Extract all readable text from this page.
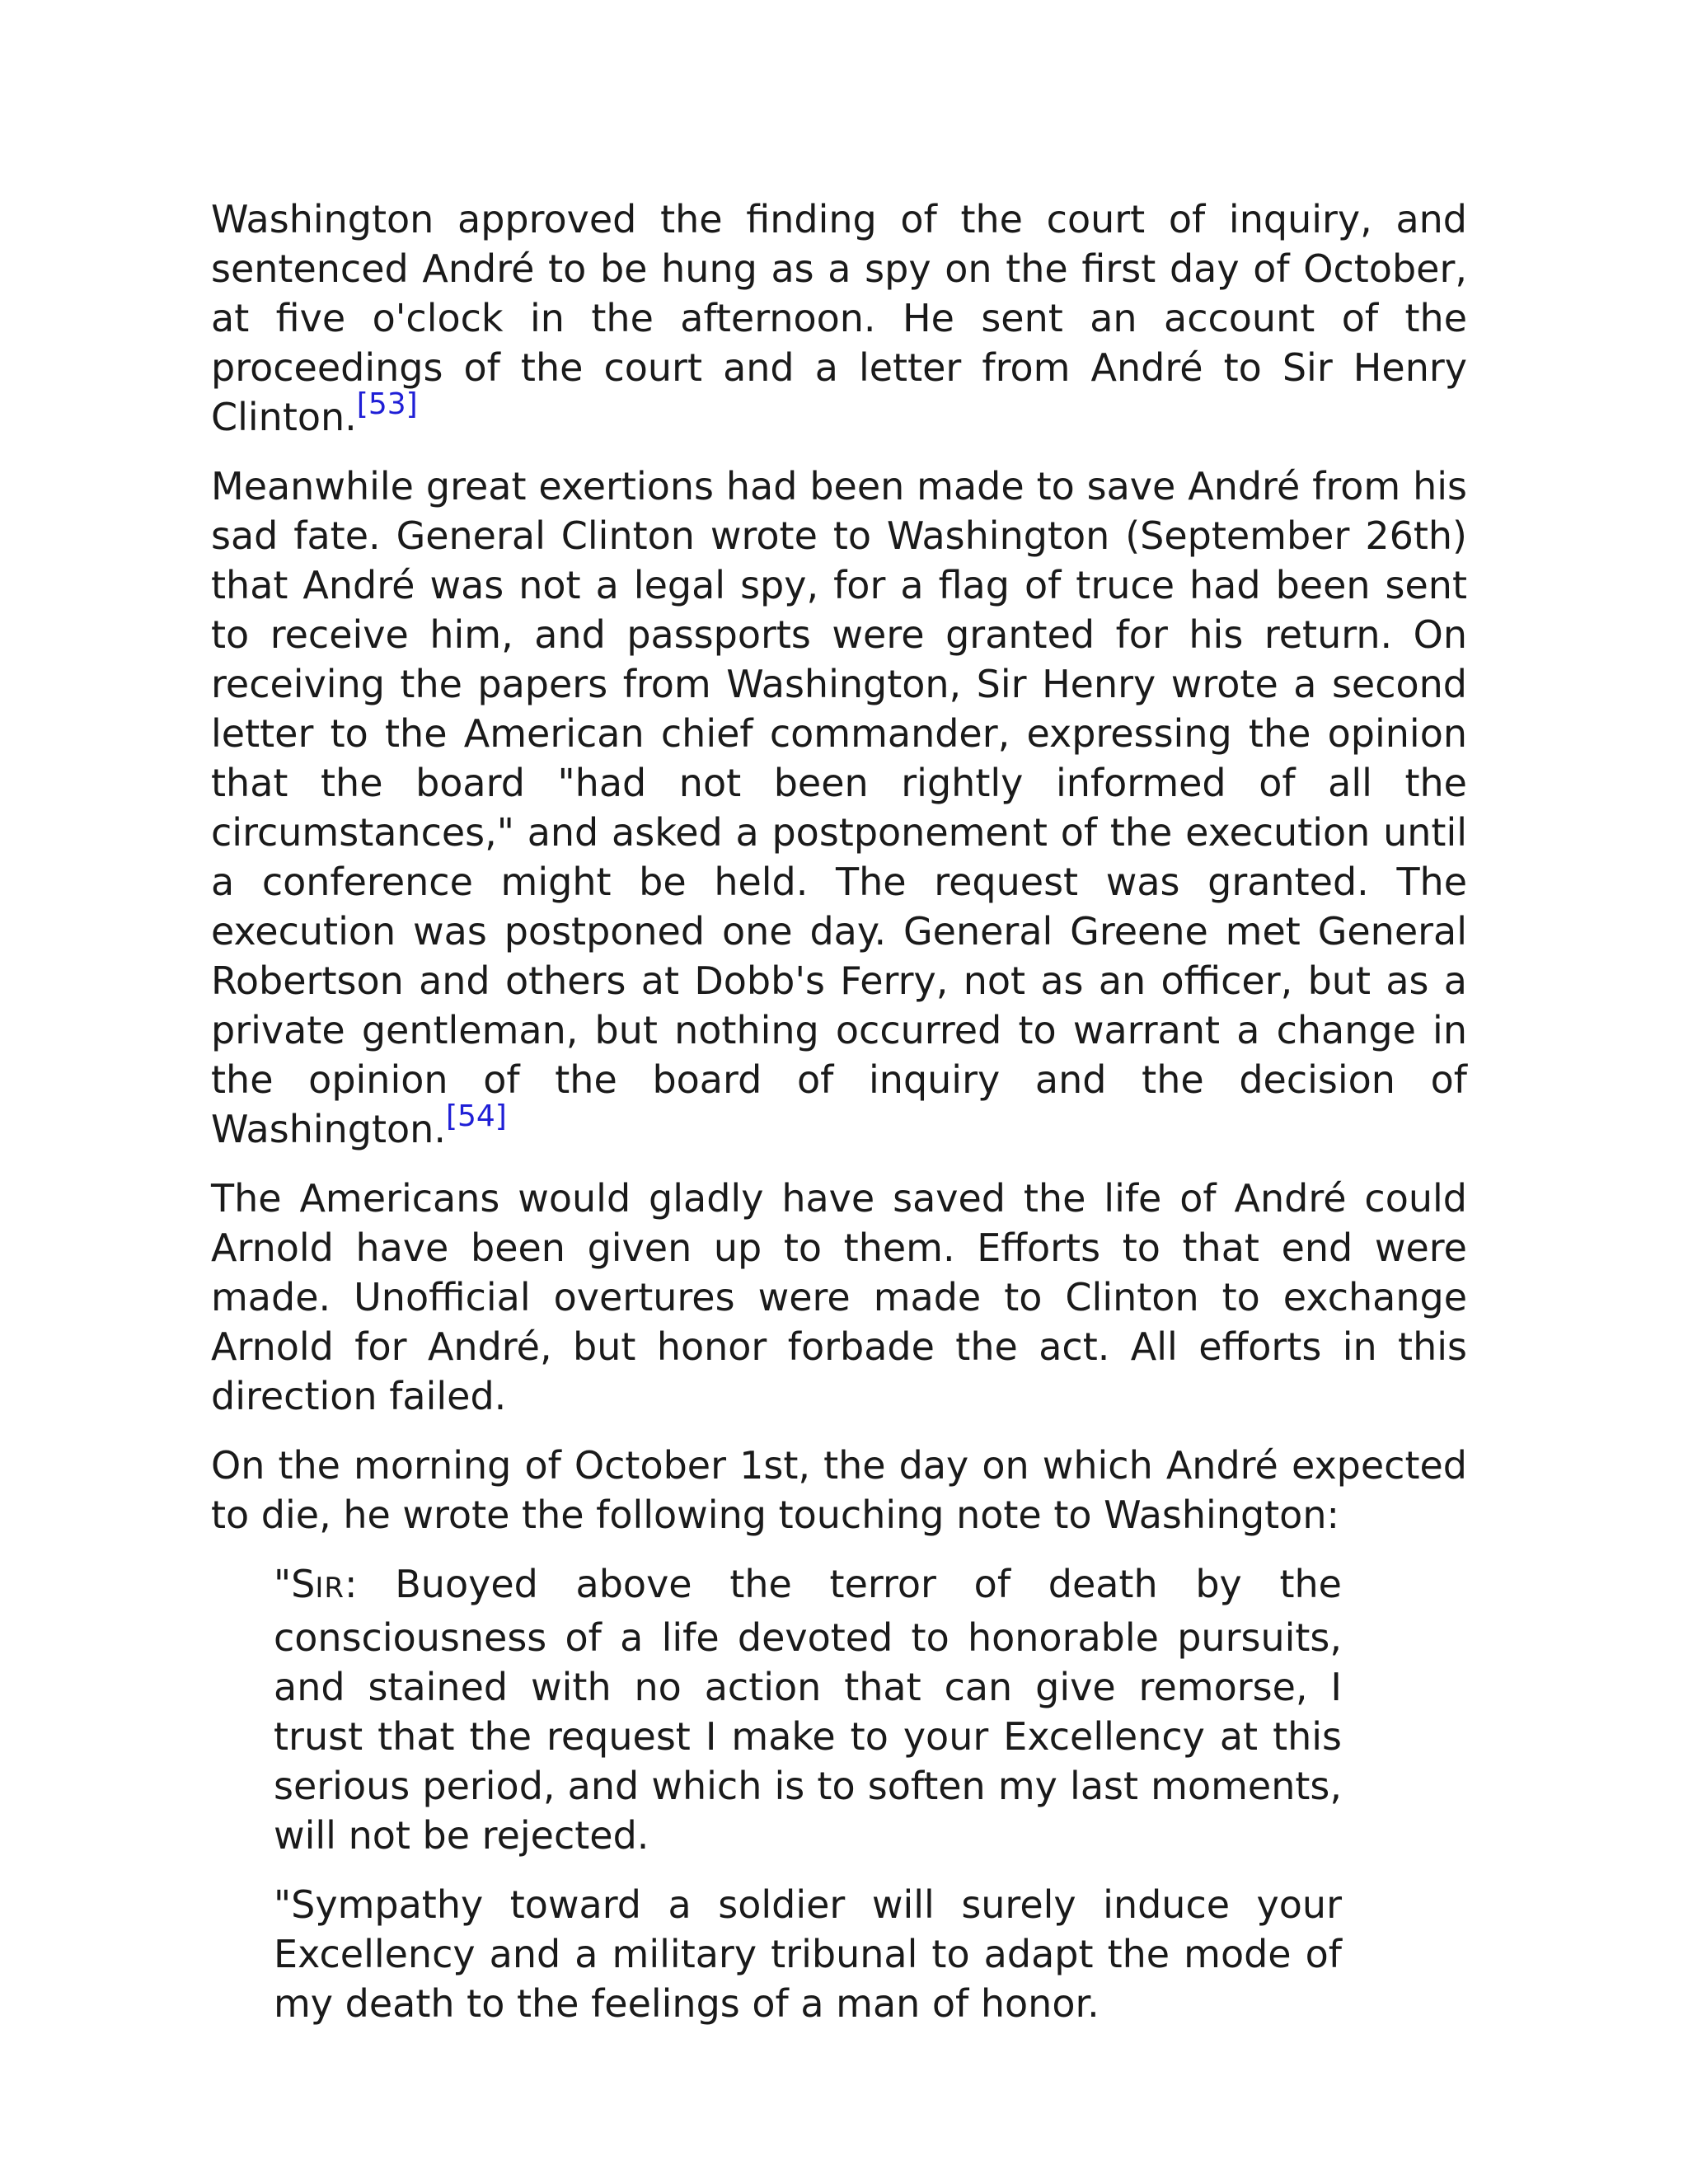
Washington approved the finding of the court of inquiry, and sentenced André to be hung as a spy on the first day of October, at five o'clock in the afternoon. He sent an account of the proceedings of the court and a letter from André to Sir Henry Clinton.[53]

Meanwhile great exertions had been made to save André from his sad fate. General Clinton wrote to Washington (September 26th) that André was not a legal spy, for a flag of truce had been sent to receive him, and passports were granted for his return. On receiving the papers from Washington, Sir Henry wrote a second letter to the American chief commander, expressing the opinion that the board "had not been rightly informed of all the circumstances," and asked a postponement of the execution until a conference might be held. The request was granted. The execution was postponed one day. General Greene met General Robertson and others at Dobb's Ferry, not as an officer, but as a private gentleman, but nothing occurred to warrant a change in the opinion of the board of inquiry and the decision of Washington.[54]

The Americans would gladly have saved the life of André could Arnold have been given up to them. Efforts to that end were made. Unofficial overtures were made to Clinton to exchange Arnold for André, but honor forbade the act. All efforts in this direction failed.

On the morning of October 1st, the day on which André expected to die, he wrote the following touching note to Washington:

"SIR: Buoyed above the terror of death by the consciousness of a life devoted to honorable pursuits, and stained with no action that can give remorse, I trust that the request I make to your Excellency at this serious period, and which is to soften my last moments, will not be rejected.

"Sympathy toward a soldier will surely induce your Excellency and a military tribunal to adapt the mode of my death to the feelings of a man of honor.
